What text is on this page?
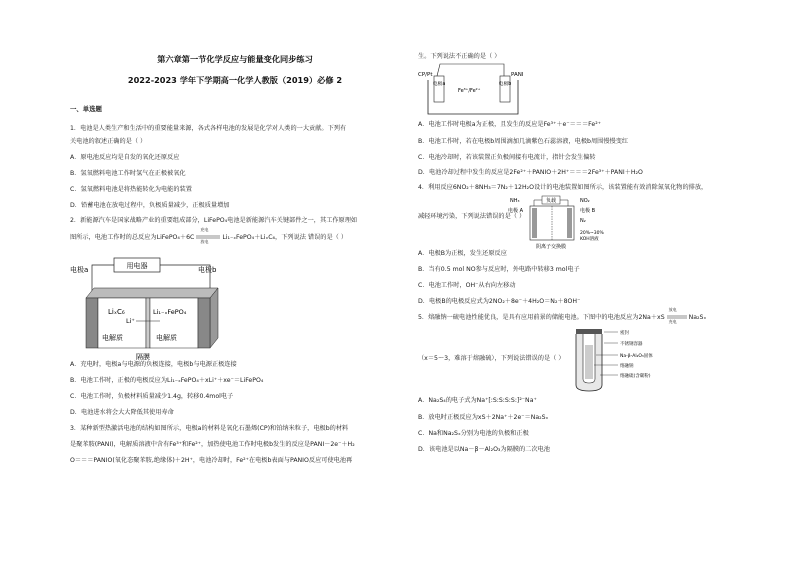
第六章第一节化学反应与能量变化同步练习
2022-2023 学年下学期高一化学人教版（2019）必修 2
一、单选题
1．电池是人类生产和生活中的重要能量来源，各式各样电池的发展是化学对人类的一大贡献。下列有
关电池的叙述正确的是（ ）
A．原电池反应均是自发的氧化还原反应
B．氢氧燃料电池工作时氢气在正极被氧化
C．氢氧燃料电池是将热能转化为电能的装置
D．铅蓄电池在放电过程中，负极质量减少，正极质量增加
2．新能源汽车是国家战略产业的重要组成部分，LiFePO₄电池是新能源汽车关键部件之一，其工作原理如
图所示，电池工作时的总反应为LiFePO₄＋6C
充电
放电
Li₁₋ₓFePO₄＋LiₓC₆，下列说法 错误的是（ ）
用电器
电极a	电极b
LiₓC₆	Li₁₋ₓFePO₄
Li⁺
电解质	电解质
隔膜
A．充电时，电极a与电源的负极连接，电极b与电源正极连接
B．电池工作时，正极的电极反应为Li₁₋ₓFePO₄＋xLi⁺＋xe⁻＝LiFePO₄
C．电池工作时，负极材料质量减少1.4g，转移0.4mol电子
D．电池进水将会大大降低其使用寿命
3．某种新型热激活电池的结构如图所示，电极a的材料是氧化石墨烯(CP)和铂纳米粒子，电极b的材料
是聚苯胺(PANI)，电解质溶液中含有Fe³⁺和Fe²⁺，加热使电池工作时电极b发生的反应是PANI－2e⁻＋H₂
O＝＝＝PANIO(氧化态聚苯胺,绝缘体)＋2H⁺，电池冷却时，Fe²⁺在电极b表面与PANIO反应可使电池再
生。下列说法不正确的是（ ）
CP/Pt	PANI
电极a	电极b
Fe³⁺/Fe²⁺
A．电池工作时电极a为正极，且发生的反应是Fe³⁺＋e⁻＝＝＝Fe²⁺
B．电池工作时，若在电极b周围滴加几滴紫色石蕊溶液，电极b周围慢慢变红
C．电池冷却时，若该装置正负极间接有电流计，指针会发生偏转
D．电池冷却过程中发生的反应是2Fe²⁺＋PANIO＋2H⁺＝＝＝2Fe³⁺＋PANI＋H₂O
4．利用反应6NO₂＋8NH₃＝7N₂＋12H₂O设计的电池装置如图所示，该装置能有效消除氮氧化物的排放，
负载
NH₃	NO₂
电极 A	电极 B
N₂
20%~30%
KOH溶液
阴离子交换膜
减轻环境污染，下列说法错误的是（ ）
A．电极B为正极，发生还原反应
B．当有0.5 mol NO参与反应时，外电路中转移3 mol电子
C．电池工作时，OH⁻从右向左移动
D．电极B的电极反应式为2NO₂＋8e⁻＋4H₂O＝N₂＋8OH⁻
5．熔融钠一硫电池性能优良，是具有应用前景的储能电池。下图中的电池反应为2Na＋xS
放电
充电
Na₂Sₓ
密封
不锈钢容器
Na-β-Al₂O₃固体
熔融钠
熔融硫(含碳粉)
（x＝5～3，难溶于熔融硫），下列说法错误的是（ ）
A．Na₂S₄的电子式为Na⁺[:S:S:S:S:]²⁻Na⁺
B．放电时正极反应为xS＋2Na⁺＋2e⁻＝Na₂Sₓ
C．Na和Na₂Sₓ分别为电池的负极和正极
D．该电池是以Na－β－Al₂O₃为隔膜的二次电池
